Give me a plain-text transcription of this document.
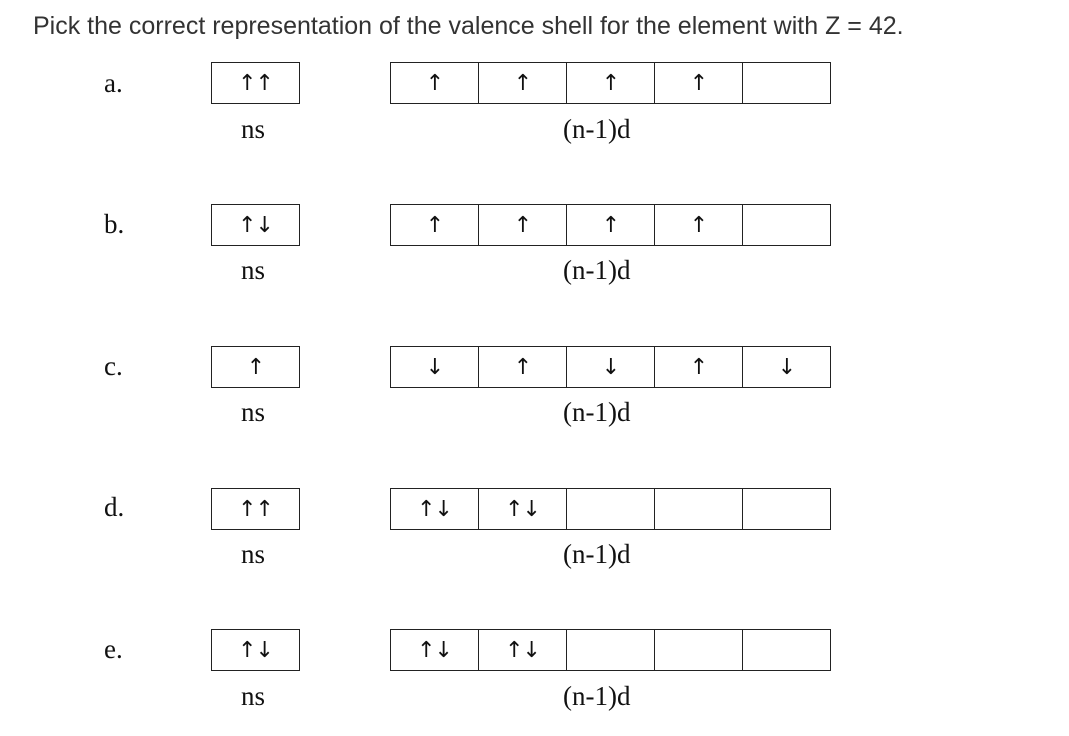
Pick the correct representation of the valence shell for the element with Z = 42.
a.	↑↑
ns
↑	↑	↑	↑
(n-1)d
b.	↑↓
ns
↑	↑	↑	↑
(n-1)d
c.	↑
ns
↓	↑	↓	↑	↓
(n-1)d
d.	↑↑
ns
↑↓	↑↓
(n-1)d
e.	↑↓
ns
↑↓	↑↓
(n-1)d
